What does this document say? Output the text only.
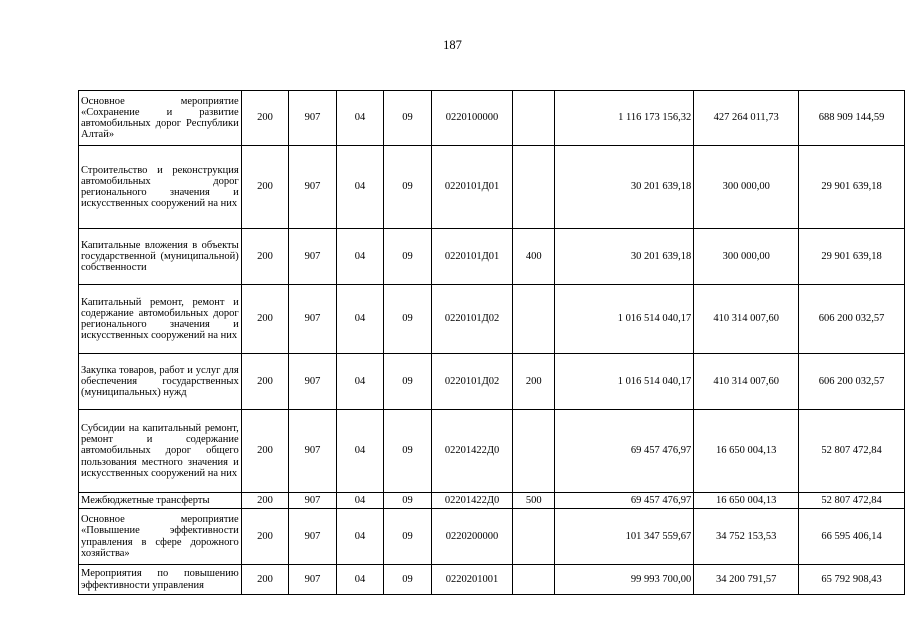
187
Основное мероприятие «Сохранение и развитие автомобильных дорог Республики Алтай»	200	907	04	09	0220100000		1 116 173 156,32	427 264 011,73	688 909 144,59
Строительство и реконструкция автомобильных дорог регионального значения и искусственных сооружений на них	200	907	04	09	0220101Д01		30 201 639,18	300 000,00	29 901 639,18
Капитальные вложения в объекты государственной (муниципальной) собственности	200	907	04	09	0220101Д01	400	30 201 639,18	300 000,00	29 901 639,18
Капитальный ремонт, ремонт и содержание автомобильных дорог регионального значения и искусственных сооружений на них	200	907	04	09	0220101Д02		1 016 514 040,17	410 314 007,60	606 200 032,57
Закупка товаров, работ и услуг для обеспечения государственных (муниципальных) нужд	200	907	04	09	0220101Д02	200	1 016 514 040,17	410 314 007,60	606 200 032,57
Субсидии на капитальный ремонт, ремонт и содержание автомобильных дорог общего пользования местного значения и искусственных сооружений на них	200	907	04	09	02201422Д0		69 457 476,97	16 650 004,13	52 807 472,84
Межбюджетные трансферты	200	907	04	09	02201422Д0	500	69 457 476,97	16 650 004,13	52 807 472,84
Основное мероприятие «Повышение эффективности управления в сфере дорожного хозяйства»	200	907	04	09	0220200000		101 347 559,67	34 752 153,53	66 595 406,14
Мероприятия по повышению эффективности управления	200	907	04	09	0220201001		99 993 700,00	34 200 791,57	65 792 908,43
